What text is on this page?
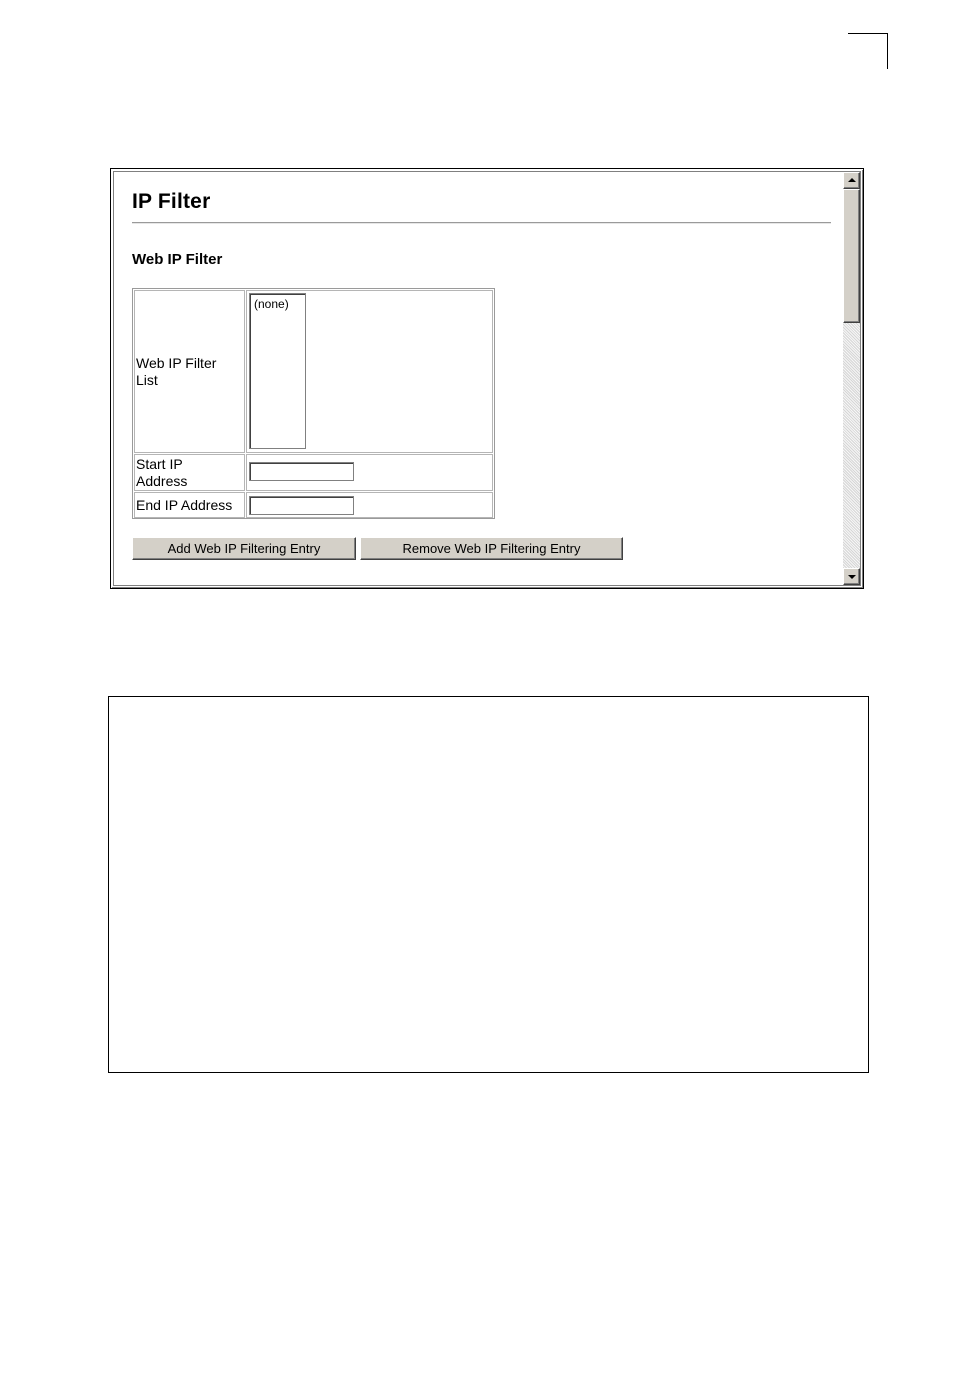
IP Filter
Web IP Filter
Web IP Filter List
(none)
Start IP Address
End IP Address
Add Web IP Filtering Entry	Remove Web IP Filtering Entry
